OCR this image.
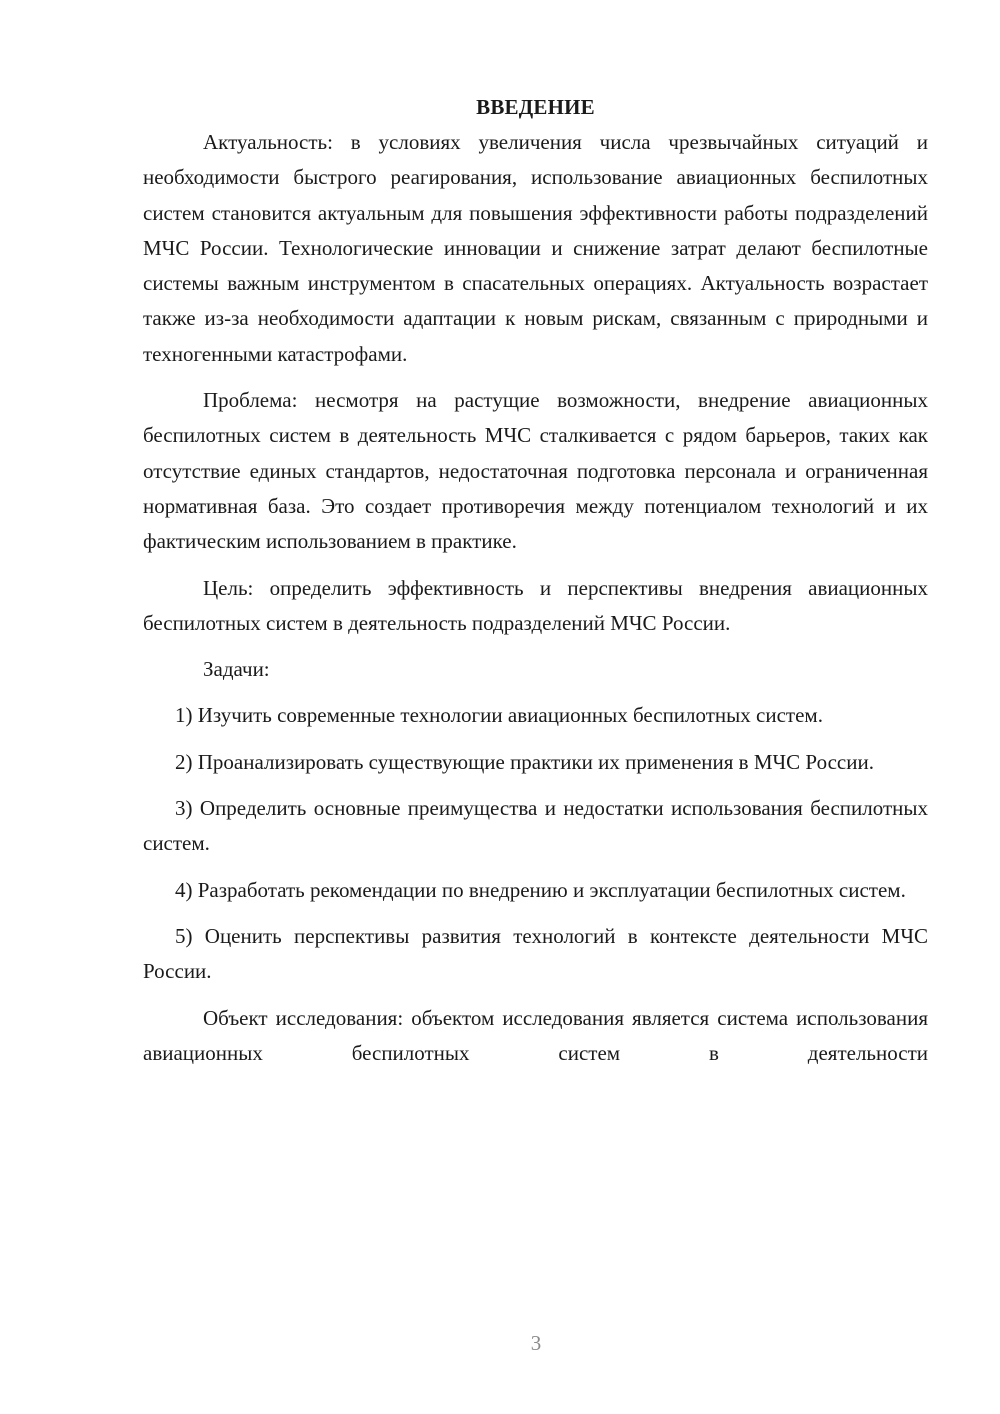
ВВЕДЕНИЕ

Актуальность: в условиях увеличения числа чрезвычайных ситуаций и необходимости быстрого реагирования, использование авиационных беспилотных систем становится актуальным для повышения эффективности работы подразделений МЧС России. Технологические инновации и снижение затрат делают беспилотные системы важным инструментом в спасательных операциях. Актуальность возрастает также из-за необходимости адаптации к новым рискам, связанным с природными и техногенными катастрофами.

Проблема: несмотря на растущие возможности, внедрение авиационных беспилотных систем в деятельность МЧС сталкивается с рядом барьеров, таких как отсутствие единых стандартов, недостаточная подготовка персонала и ограниченная нормативная база. Это создает противоречия между потенциалом технологий и их фактическим использованием в практике.

Цель: определить эффективность и перспективы внедрения авиационных беспилотных систем в деятельность подразделений МЧС России.

Задачи:

1) Изучить современные технологии авиационных беспилотных систем.

2) Проанализировать существующие практики их применения в МЧС России.

3) Определить основные преимущества и недостатки использования беспилотных систем.

4) Разработать рекомендации по внедрению и эксплуатации беспилотных систем.

5) Оценить перспективы развития технологий в контексте деятельности МЧС России.

Объект исследования: объектом исследования является система использования авиационных беспилотных систем в деятельности

3
